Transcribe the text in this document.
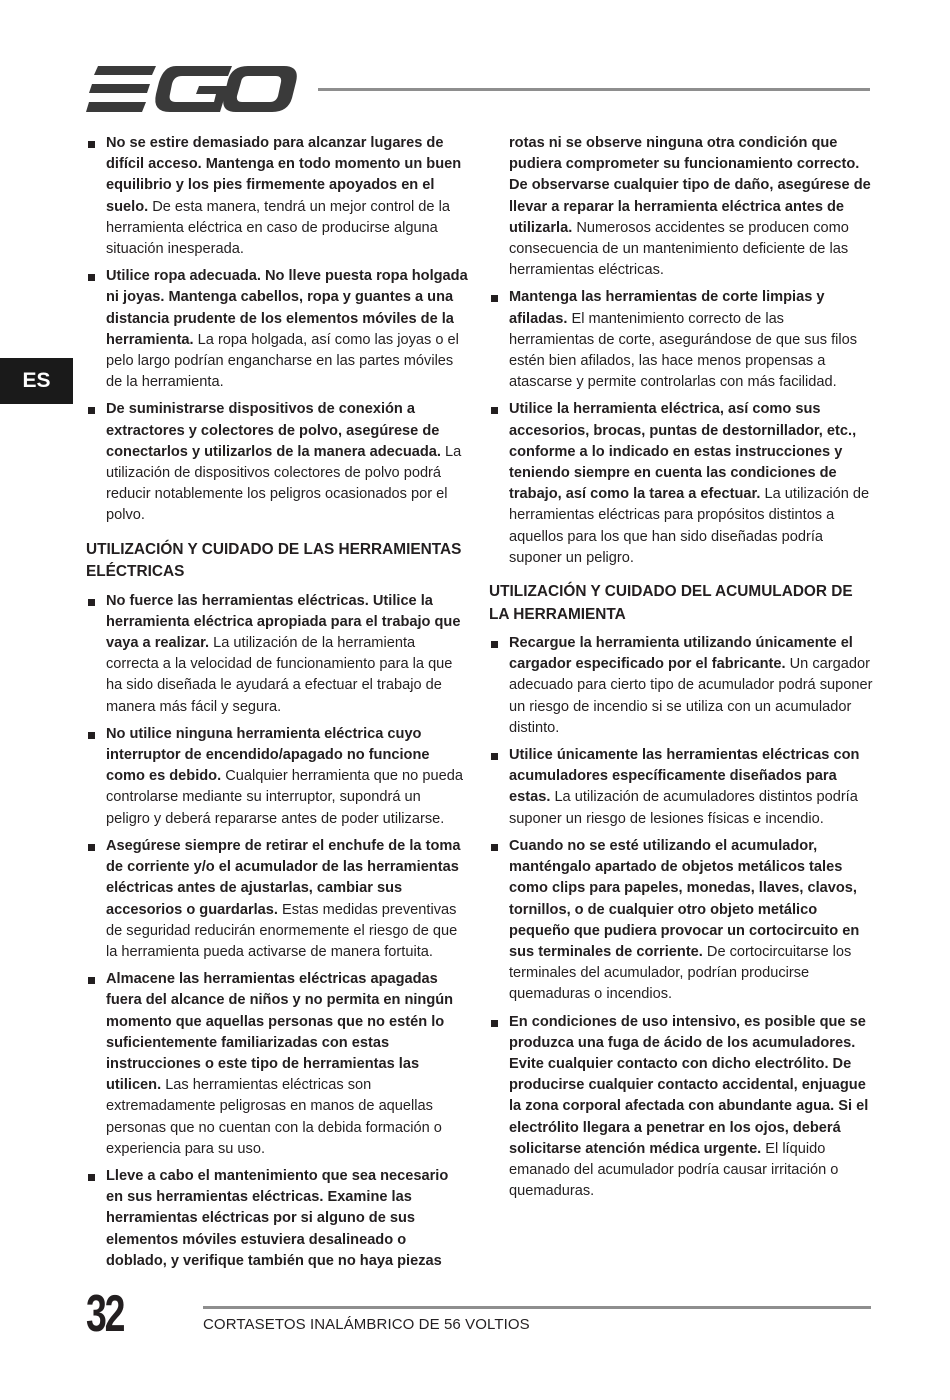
ES
No se estire demasiado para alcanzar lugares de difícil acceso. Mantenga en todo momento un buen equilibrio y los pies firmemente apoyados en el suelo. De esta manera, tendrá un mejor control de la herramienta eléctrica en caso de producirse alguna situación inesperada.
Utilice ropa adecuada. No lleve puesta ropa holgada ni joyas. Mantenga cabellos, ropa y guantes a una distancia prudente de los elementos móviles de la herramienta. La ropa holgada, así como las joyas o el pelo largo podrían engancharse en las partes móviles de la herramienta.
De suministrarse dispositivos de conexión a extractores y colectores de polvo, asegúrese de conectarlos y utilizarlos de la manera adecuada. La utilización de dispositivos colectores de polvo podrá reducir notablemente los peligros ocasionados por el polvo.
UTILIZACIÓN Y CUIDADO DE LAS HERRAMIENTAS ELÉCTRICAS
No fuerce las herramientas eléctricas. Utilice la herramienta eléctrica apropiada para el trabajo que vaya a realizar. La utilización de la herramienta correcta a la velocidad de funcionamiento para la que ha sido diseñada le ayudará a efectuar el trabajo de manera más fácil y segura.
No utilice ninguna herramienta eléctrica cuyo interruptor de encendido/apagado no funcione como es debido. Cualquier herramienta que no pueda controlarse mediante su interruptor, supondrá un peligro y deberá repararse antes de poder utilizarse.
Asegúrese siempre de retirar el enchufe de la toma de corriente y/o el acumulador de las herramientas eléctricas antes de ajustarlas, cambiar sus accesorios o guardarlas. Estas medidas preventivas de seguridad reducirán enormemente el riesgo de que la herramienta pueda activarse de manera fortuita.
Almacene las herramientas eléctricas apagadas fuera del alcance de niños y no permita en ningún momento que aquellas personas que no estén lo suficientemente familiarizadas con estas instrucciones o este tipo de herramientas las utilicen. Las herramientas eléctricas son extremadamente peligrosas en manos de aquellas personas que no cuentan con la debida formación o experiencia para su uso.
Lleve a cabo el mantenimiento que sea necesario en sus herramientas eléctricas. Examine las herramientas eléctricas por si alguno de sus elementos móviles estuviera desalineado o doblado, y verifique también que no haya piezas
rotas ni se observe ninguna otra condición que pudiera comprometer su funcionamiento correcto. De observarse cualquier tipo de daño, asegúrese de llevar a reparar la herramienta eléctrica antes de utilizarla. Numerosos accidentes se producen como consecuencia de un mantenimiento deficiente de las herramientas eléctricas.
Mantenga las herramientas de corte limpias y afiladas. El mantenimiento correcto de las herramientas de corte, asegurándose de que sus filos estén bien afilados, las hace menos propensas a atascarse y permite controlarlas con más facilidad.
Utilice la herramienta eléctrica, así como sus accesorios, brocas, puntas de destornillador, etc., conforme a lo indicado en estas instrucciones y teniendo siempre en cuenta las condiciones de trabajo, así como la tarea a efectuar. La utilización de herramientas eléctricas para propósitos distintos a aquellos para los que han sido diseñadas podría suponer un peligro.
UTILIZACIÓN Y CUIDADO DEL ACUMULADOR DE LA HERRAMIENTA
Recargue la herramienta utilizando únicamente el cargador especificado por el fabricante. Un cargador adecuado para cierto tipo de acumulador podrá suponer un riesgo de incendio si se utiliza con un acumulador distinto.
Utilice únicamente las herramientas eléctricas con acumuladores específicamente diseñados para estas. La utilización de acumuladores distintos podría suponer un riesgo de lesiones físicas e incendio.
Cuando no se esté utilizando el acumulador, manténgalo apartado de objetos metálicos tales como clips para papeles, monedas, llaves, clavos, tornillos, o de cualquier otro objeto metálico pequeño que pudiera provocar un cortocircuito en sus terminales de corriente. De cortocircuitarse los terminales del acumulador, podrían producirse quemaduras o incendios.
En condiciones de uso intensivo, es posible que se produzca una fuga de ácido de los acumuladores. Evite cualquier contacto con dicho electrólito. De producirse cualquier contacto accidental, enjuague la zona corporal afectada con abundante agua. Si el electrólito llegara a penetrar en los ojos, deberá solicitarse atención médica urgente. El líquido emanado del acumulador podría causar irritación o quemaduras.
32	CORTASETOS INALÁMBRICO DE 56 VOLTIOS
